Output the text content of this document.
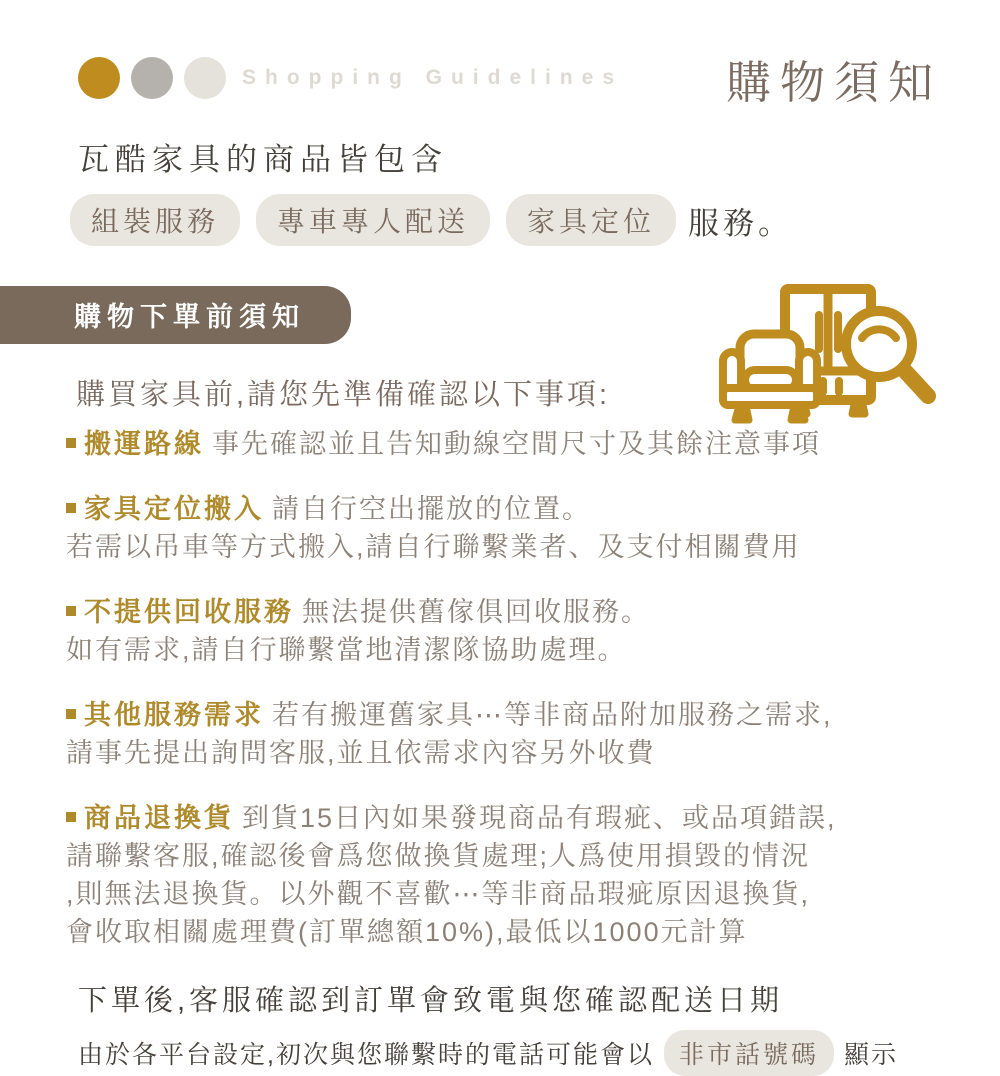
Shopping Guidelines 購物須知
瓦酷家具的商品皆包含
組裝服務	專車專人配送	家具定位	服務。
購物下單前須知
購買家具前,請您先準備確認以下事項:

搬運路線 事先確認並且告知動線空間尺寸及其餘注意事項

家具定位搬入 請自行空出擺放的位置。
若需以吊車等方式搬入,請自行聯繫業者、及支付相關費用

不提供回收服務 無法提供舊傢俱回收服務。
如有需求,請自行聯繫當地清潔隊協助處理。

其他服務需求 若有搬運舊家具⋯等非商品附加服務之需求,
請事先提出詢問客服,並且依需求內容另外收費

商品退換貨 到貨15日內如果發現商品有瑕疵、或品項錯誤,
請聯繫客服,確認後會爲您做換貨處理;人爲使用損毀的情況
,則無法退換貨。以外觀不喜歡⋯等非商品瑕疵原因退換貨,
會收取相關處理費(訂單總額10%),最低以1000元計算

下單後,客服確認到訂單會致電與您確認配送日期
由於各平台設定,初次與您聯繫時的電話可能會以	非市話號碼	顯示
